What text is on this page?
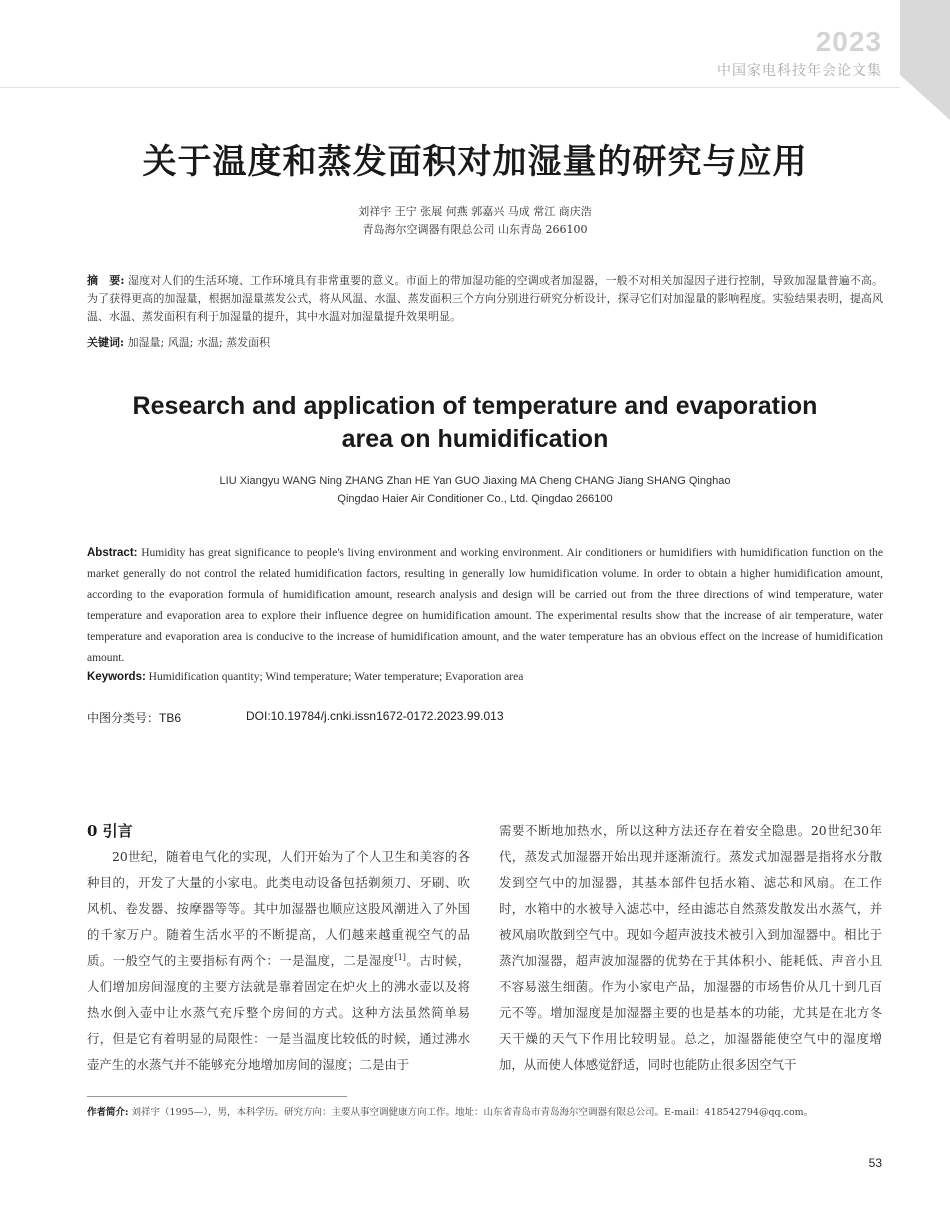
2023
中国家电科技年会论文集
关于温度和蒸发面积对加湿量的研究与应用
刘祥宇 王宁 张展 何燕 郭嘉兴 马成 常江 商庆浩
青岛海尔空调器有限总公司 山东青岛 266100

摘　要: 湿度对人们的生活环境、工作环境具有非常重要的意义。市面上的带加湿功能的空调或者加湿器，一般不对相关加湿因子进行控制，导致加湿量普遍不高。为了获得更高的加湿量，根据加湿量蒸发公式，将从风温、水温、蒸发面积三个方向分别进行研究分析设计，探寻它们对加湿量的影响程度。实验结果表明，提高风温、水温、蒸发面积有利于加湿量的提升，其中水温对加湿量提升效果明显。

关键词: 加湿量; 风温; 水温; 蒸发面积

Research and application of temperature and evaporation
area on humidification
LIU Xiangyu WANG Ning ZHANG Zhan HE Yan GUO Jiaxing MA Cheng CHANG Jiang SHANG Qinghao
Qingdao Haier Air Conditioner Co., Ltd. Qingdao 266100

Abstract: Humidity has great significance to people's living environment and working environment. Air conditioners or humidifiers with humidification function on the market generally do not control the related humidification factors, resulting in generally low humidification volume. In order to obtain a higher humidification amount, according to the evaporation formula of humidification amount, research analysis and design will be carried out from the three directions of wind temperature, water temperature and evaporation area to explore their influence degree on humidification amount. The experimental results show that the increase of air temperature, water temperature and evaporation area is conducive to the increase of humidification amount, and the water temperature has an obvious effect on the increase of humidification amount.

Keywords: Humidification quantity; Wind temperature; Water temperature; Evaporation area

中图分类号：TB6	DOI:10.19784/j.cnki.issn1672-0172.2023.99.013
0 引言

20世纪，随着电气化的实现，人们开始为了个人卫生和美容的各种目的，开发了大量的小家电。此类电动设备包括剃须刀、牙刷、吹风机、卷发器、按摩器等等。其中加湿器也顺应这股风潮进入了外国的千家万户。随着生活水平的不断提高，人们越来越重视空气的品质。一般空气的主要指标有两个：一是温度，二是湿度[1]。古时候，人们增加房间湿度的主要方法就是靠着固定在炉火上的沸水壶以及将热水倒入壶中让水蒸气充斥整个房间的方式。这种方法虽然简单易行，但是它有着明显的局限性：一是当温度比较低的时候，通过沸水壶产生的水蒸气并不能够充分地增加房间的湿度；二是由于

需要不断地加热水，所以这种方法还存在着安全隐患。20世纪30年代，蒸发式加湿器开始出现并逐渐流行。蒸发式加湿器是指将水分散发到空气中的加湿器，其基本部件包括水箱、滤芯和风扇。在工作时，水箱中的水被导入滤芯中，经由滤芯自然蒸发散发出水蒸气，并被风扇吹散到空气中。现如今超声波技术被引入到加湿器中。相比于蒸汽加湿器，超声波加湿器的优势在于其体积小、能耗低、声音小且不容易滋生细菌。作为小家电产品，加湿器的市场售价从几十到几百元不等。增加湿度是加湿器主要的也是基本的功能，尤其是在北方冬天干燥的天气下作用比较明显。总之，加湿器能使空气中的湿度增加，从而使人体感觉舒适，同时也能防止很多因空气干

作者简介: 刘祥宇（1995—），男，本科学历。研究方向：主要从事空调健康方向工作。地址：山东省青岛市青岛海尔空调器有限总公司。E-mail：418542794@qq.com。
53
